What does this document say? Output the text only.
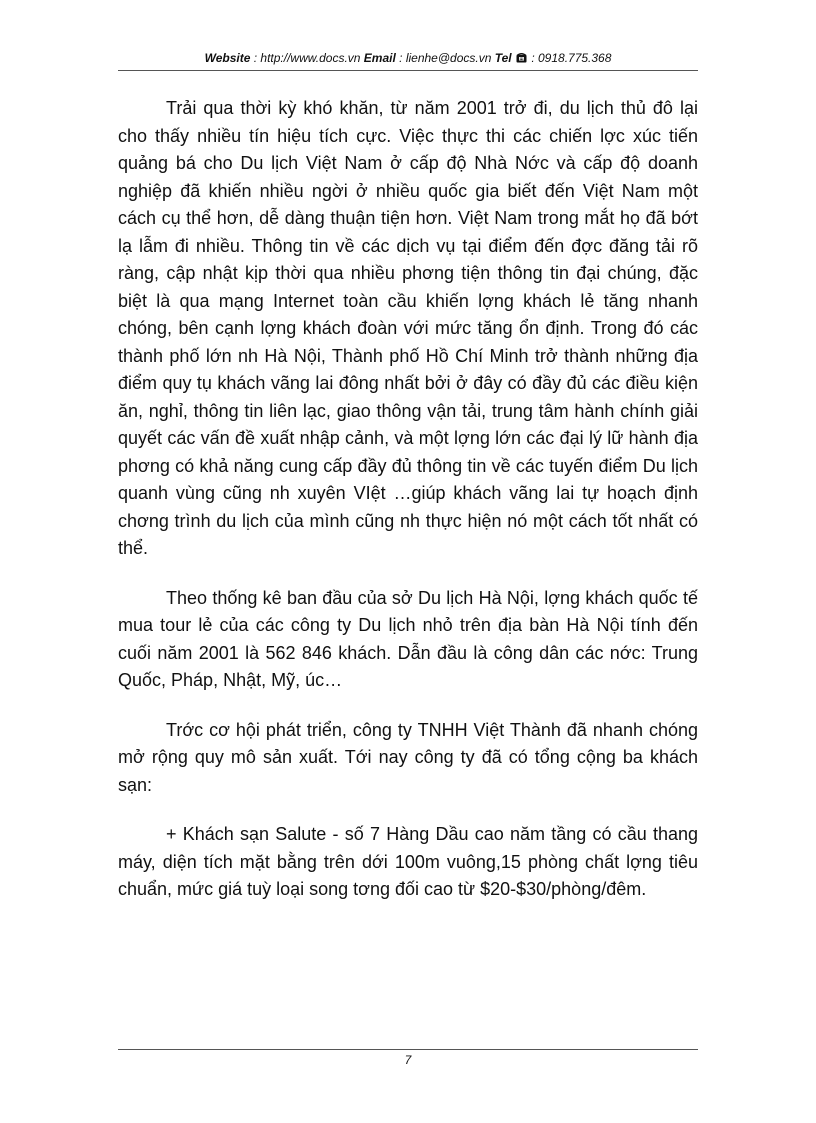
Website : http://www.docs.vn Email : lienhe@docs.vn Tel : 0918.775.368

Trải qua thời kỳ khó khăn, từ năm 2001 trở đi, du lịch thủ đô lại cho thấy nhiều tín hiệu tích cực. Việc thực thi các chiến lợc xúc tiến quảng bá cho Du lịch Việt Nam ở cấp độ Nhà Nớc và cấp độ doanh nghiệp đã khiến nhiều ngời ở nhiều quốc gia biết đến Việt Nam một cách cụ thể hơn, dễ dàng thuận tiện hơn. Việt Nam trong mắt họ đã bớt lạ lẫm đi nhiều. Thông tin về các dịch vụ tại điểm đến đợc đăng tải rõ ràng, cập nhật kịp thời qua nhiều phơng tiện thông tin đại chúng, đặc biệt là qua mạng Internet toàn cầu khiến lợng khách lẻ tăng nhanh chóng, bên cạnh lợng khách đoàn với mức tăng ổn định. Trong đó các thành phố lớn nh Hà Nội, Thành phố Hồ Chí Minh trở thành những địa điểm quy tụ khách vãng lai đông nhất bởi ở đây có đầy đủ các điều kiện ăn, nghỉ, thông tin liên lạc, giao thông vận tải, trung tâm hành chính giải quyết các vấn đề xuất nhập cảnh, và một lợng lớn các đại lý lữ hành địa phơng có khả năng cung cấp đầy đủ thông tin về các tuyến điểm Du lịch quanh vùng cũng nh xuyên VIệt …giúp khách vãng lai tự hoạch định chơng trình du lịch của mình cũng nh thực hiện nó một cách tốt nhất có thể.

Theo thống kê ban đầu của sở Du lịch Hà Nội, lợng khách quốc tế mua tour lẻ của các công ty Du lịch nhỏ trên địa bàn Hà Nội tính đến cuối năm 2001 là 562 846 khách. Dẫn đầu là công dân các nớc: Trung Quốc, Pháp, Nhật, Mỹ, úc…

Trớc cơ hội phát triển, công ty TNHH Việt Thành đã nhanh chóng mở rộng quy mô sản xuất. Tới nay công ty đã có tổng cộng ba khách sạn:

+ Khách sạn Salute - số 7 Hàng Dầu cao năm tầng có cầu thang máy, diện tích mặt bằng trên dới 100m vuông,15 phòng chất lợng tiêu chuẩn, mức giá tuỳ loại song tơng đối cao từ $20-$30/phòng/đêm.

7
